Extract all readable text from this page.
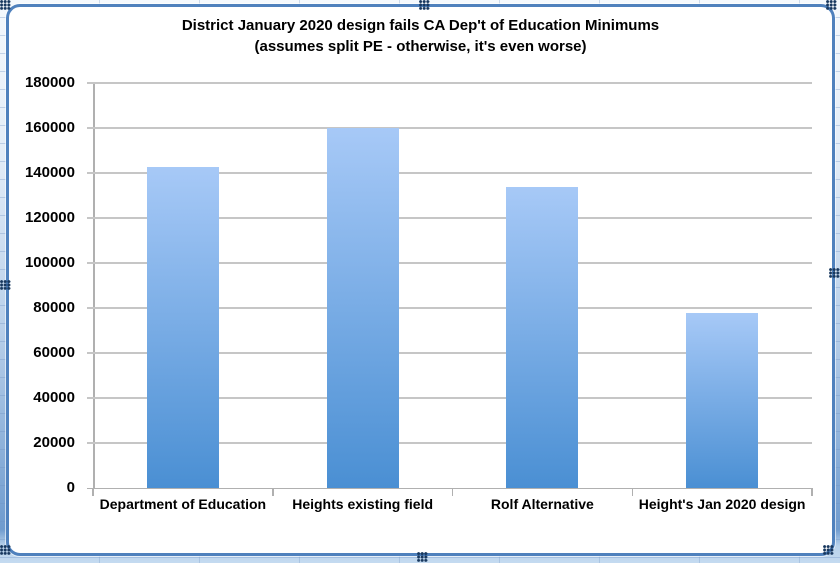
District January 2020 design fails CA Dep't of Education Minimums
(assumes split PE - otherwise, it's even worse)
180000
160000
140000
120000
100000
80000
60000
40000
20000
0
Department of Education	Heights existing field	Rolf Alternative	Height's Jan 2020 design
